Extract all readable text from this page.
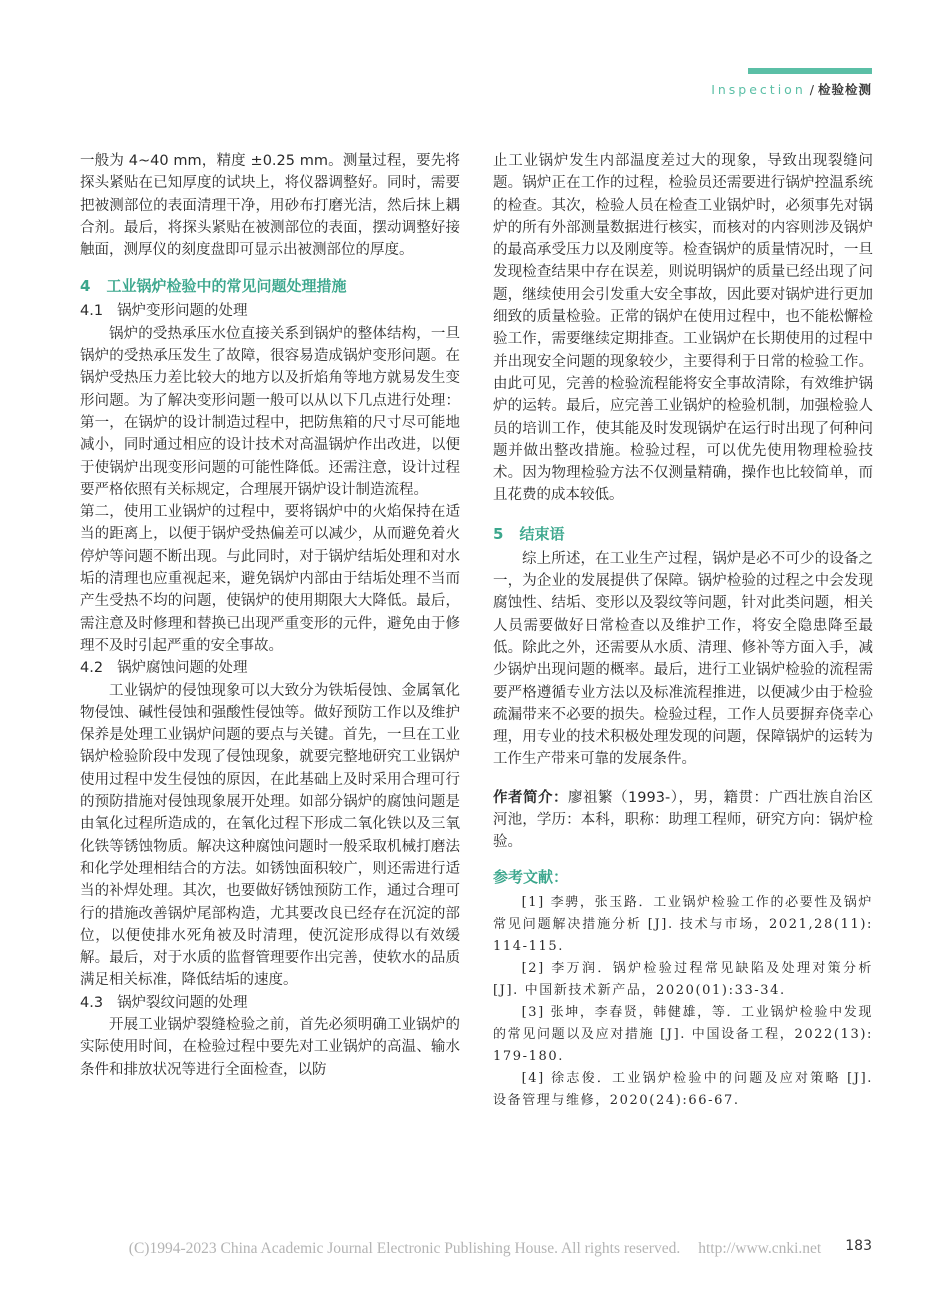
Inspection / 检验检测

一般为 4~40 mm，精度 ±0.25 mm。测量过程，要先将探头紧贴在已知厚度的试块上，将仪器调整好。同时，需要把被测部位的表面清理干净，用砂布打磨光洁，然后抹上耦合剂。最后，将探头紧贴在被测部位的表面，摆动调整好接触面，测厚仪的刻度盘即可显示出被测部位的厚度。

4 工业锅炉检验中的常见问题处理措施
4.1 锅炉变形问题的处理

锅炉的受热承压水位直接关系到锅炉的整体结构，一旦锅炉的受热承压发生了故障，很容易造成锅炉变形问题。在锅炉受热压力差比较大的地方以及折焰角等地方就易发生变形问题。为了解决变形问题一般可以从以下几点进行处理：第一，在锅炉的设计制造过程中，把防焦箱的尺寸尽可能地减小，同时通过相应的设计技术对高温锅炉作出改进，以便于使锅炉出现变形问题的可能性降低。还需注意，设计过程要严格依照有关标规定，合理展开锅炉设计制造流程。

第二，使用工业锅炉的过程中，要将锅炉中的火焰保持在适当的距离上，以便于锅炉受热偏差可以减少，从而避免着火停炉等问题不断出现。与此同时，对于锅炉结垢处理和对水垢的清理也应重视起来，避免锅炉内部由于结垢处理不当而产生受热不均的问题，使锅炉的使用期限大大降低。最后，需注意及时修理和替换已出现严重变形的元件，避免由于修理不及时引起严重的安全事故。

4.2 锅炉腐蚀问题的处理

工业锅炉的侵蚀现象可以大致分为铁垢侵蚀、金属氧化物侵蚀、碱性侵蚀和强酸性侵蚀等。做好预防工作以及维护保养是处理工业锅炉问题的要点与关键。首先，一旦在工业锅炉检验阶段中发现了侵蚀现象，就要完整地研究工业锅炉使用过程中发生侵蚀的原因，在此基础上及时采用合理可行的预防措施对侵蚀现象展开处理。如部分锅炉的腐蚀问题是由氧化过程所造成的，在氧化过程下形成二氧化铁以及三氧化铁等锈蚀物质。解决这种腐蚀问题时一般采取机械打磨法和化学处理相结合的方法。如锈蚀面积较广，则还需进行适当的补焊处理。其次，也要做好锈蚀预防工作，通过合理可行的措施改善锅炉尾部构造，尤其要改良已经存在沉淀的部位，以便使排水死角被及时清理，使沉淀形成得以有效缓解。最后，对于水质的监督管理要作出完善，使软水的品质满足相关标准，降低结垢的速度。

4.3 锅炉裂纹问题的处理

开展工业锅炉裂缝检验之前，首先必须明确工业锅炉的实际使用时间，在检验过程中要先对工业锅炉的高温、输水条件和排放状况等进行全面检查，以防

止工业锅炉发生内部温度差过大的现象，导致出现裂缝问题。锅炉正在工作的过程，检验员还需要进行锅炉控温系统的检查。其次，检验人员在检查工业锅炉时，必须事先对锅炉的所有外部测量数据进行核实，而核对的内容则涉及锅炉的最高承受压力以及刚度等。检查锅炉的质量情况时，一旦发现检查结果中存在误差，则说明锅炉的质量已经出现了问题，继续使用会引发重大安全事故，因此要对锅炉进行更加细致的质量检验。正常的锅炉在使用过程中，也不能松懈检验工作，需要继续定期排查。工业锅炉在长期使用的过程中并出现安全问题的现象较少，主要得利于日常的检验工作。由此可见，完善的检验流程能将安全事故清除，有效维护锅炉的运转。最后，应完善工业锅炉的检验机制，加强检验人员的培训工作，使其能及时发现锅炉在运行时出现了何种问题并做出整改措施。检验过程，可以优先使用物理检验技术。因为物理检验方法不仅测量精确，操作也比较简单，而且花费的成本较低。

5 结束语

综上所述，在工业生产过程，锅炉是必不可少的设备之一，为企业的发展提供了保障。锅炉检验的过程之中会发现腐蚀性、结垢、变形以及裂纹等问题，针对此类问题，相关人员需要做好日常检查以及维护工作，将安全隐患降至最低。除此之外，还需要从水质、清理、修补等方面入手，减少锅炉出现问题的概率。最后，进行工业锅炉检验的流程需要严格遵循专业方法以及标准流程推进，以便减少由于检验疏漏带来不必要的损失。检验过程，工作人员要摒弃侥幸心理，用专业的技术积极处理发现的问题，保障锅炉的运转为工作生产带来可靠的发展条件。

作者简介：廖祖繁（1993-），男，籍贯：广西壮族自治区河池，学历：本科，职称：助理工程师，研究方向：锅炉检验。

参考文献：

[1] 李骋，张玉路．工业锅炉检验工作的必要性及锅炉常见问题解决措施分析 [J]. 技术与市场，2021,28(11):114-115.

[2] 李万润．锅炉检验过程常见缺陷及处理对策分析 [J]. 中国新技术新产品，2020(01):33-34.

[3] 张坤，李春贤，韩健雄，等．工业锅炉检验中发现的常见问题以及应对措施 [J]. 中国设备工程，2022(13):179-180.

[4] 徐志俊．工业锅炉检验中的问题及应对策略 [J]. 设备管理与维修，2020(24):66-67.

(C)1994-2023 China Academic Journal Electronic Publishing House. All rights reserved. http://www.cnki.net	183
